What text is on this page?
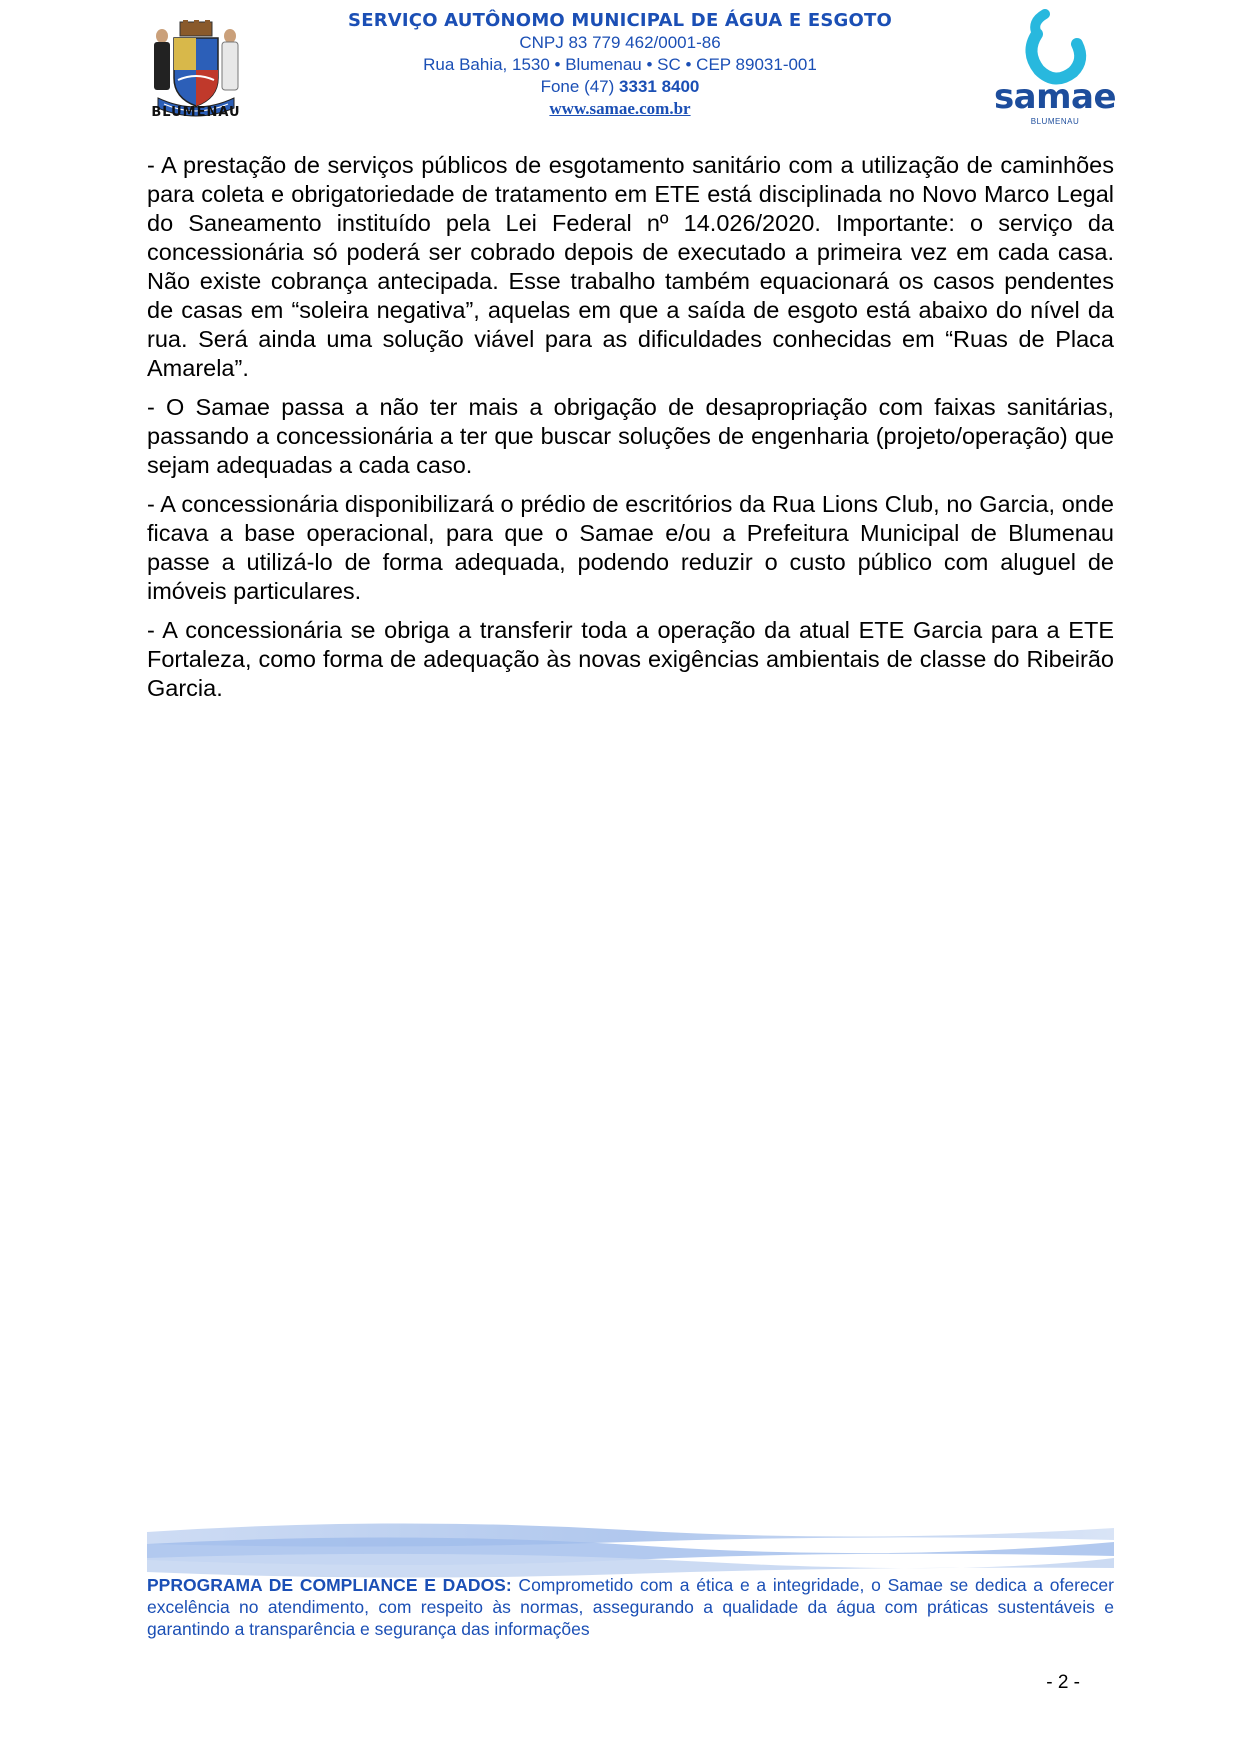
BLUMENAU
SERVIÇO AUTÔNOMO MUNICIPAL DE ÁGUA E ESGOTO
CNPJ 83 779 462/0001-86
Rua Bahia, 1530 • Blumenau • SC • CEP 89031-001
Fone (47) 3331 8400
www.samae.com.br	samae
BLUMENAU

- A prestação de serviços públicos de esgotamento sanitário com a utilização de caminhões para coleta e obrigatoriedade de tratamento em ETE está disciplinada no Novo Marco Legal do Saneamento instituído pela Lei Federal nº 14.026/2020. Importante: o serviço da concessionária só poderá ser cobrado depois de executado a primeira vez em cada casa. Não existe cobrança antecipada. Esse trabalho também equacionará os casos pendentes de casas em “soleira negativa”, aquelas em que a saída de esgoto está abaixo do nível da rua. Será ainda uma solução viável para as dificuldades conhecidas em “Ruas de Placa Amarela”.

- O Samae passa a não ter mais a obrigação de desapropriação com faixas sanitárias, passando a concessionária a ter que buscar soluções de engenharia (projeto/operação) que sejam adequadas a cada caso.

- A concessionária disponibilizará o prédio de escritórios da Rua Lions Club, no Garcia, onde ficava a base operacional, para que o Samae e/ou a Prefeitura Municipal de Blumenau passe a utilizá-lo de forma adequada, podendo reduzir o custo público com aluguel de imóveis particulares.

- A concessionária se obriga a transferir toda a operação da atual ETE Garcia para a ETE Fortaleza, como forma de adequação às novas exigências ambientais de classe do Ribeirão Garcia.

PPROGRAMA DE COMPLIANCE E DADOS: Comprometido com a ética e a integridade, o Samae se dedica a oferecer excelência no atendimento, com respeito às normas, assegurando a qualidade da água com práticas sustentáveis e garantindo a transparência e segurança das informações
- 2 -
